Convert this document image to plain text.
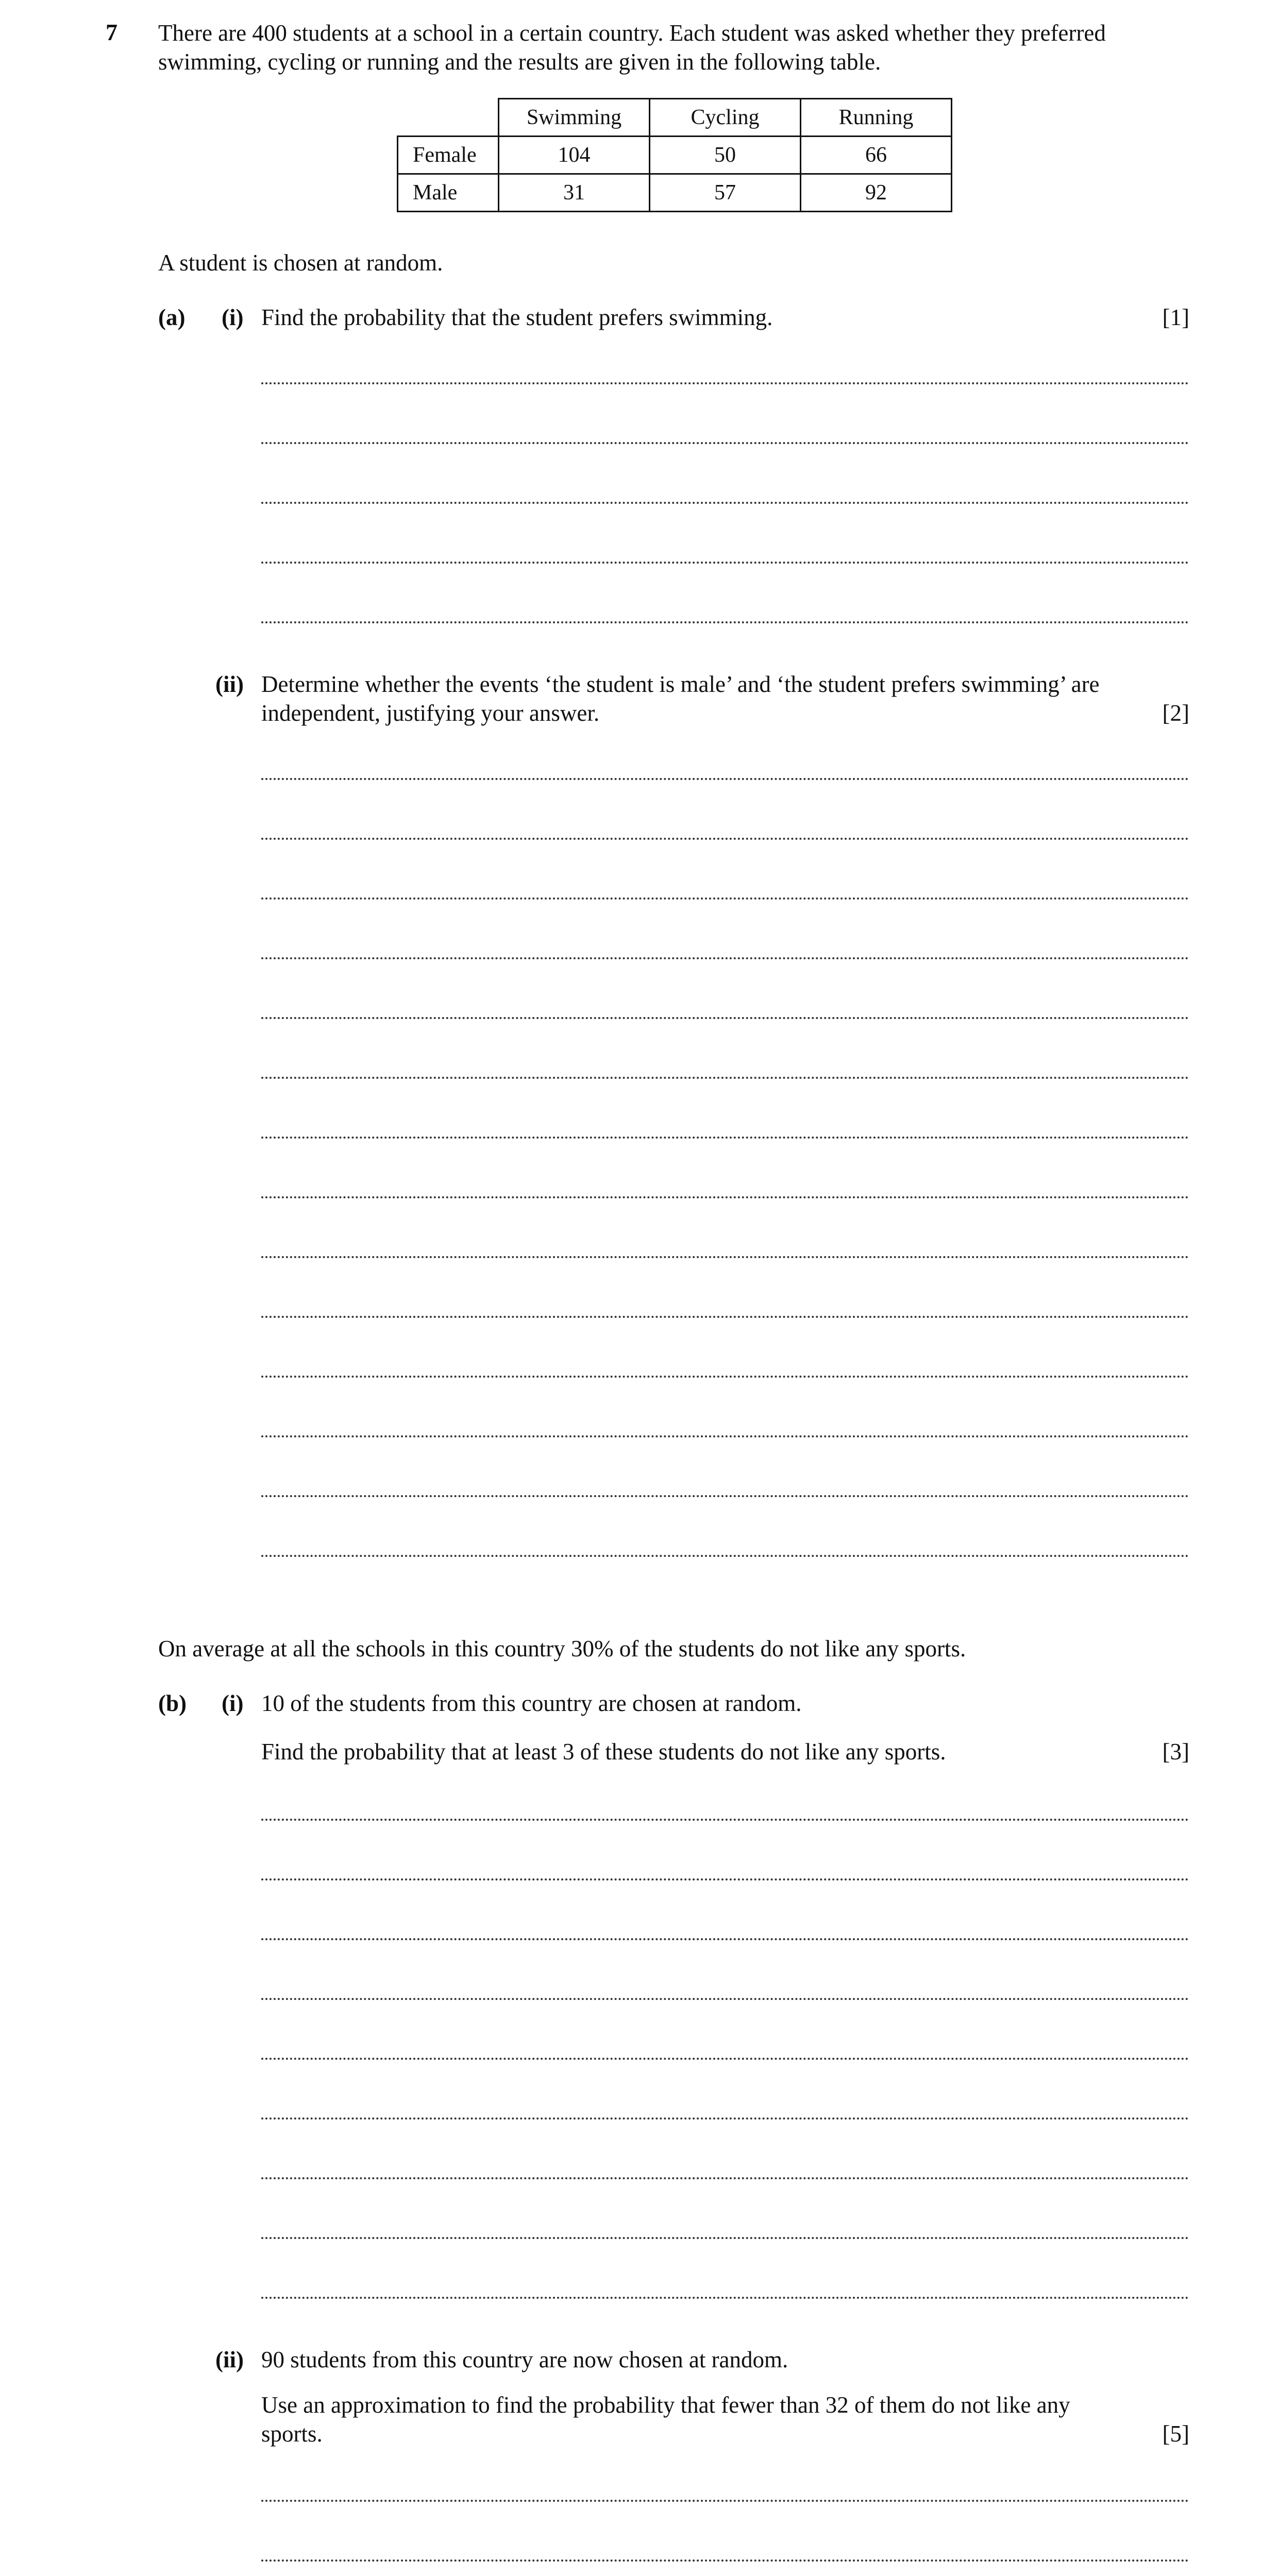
7 There are 400 students at a school in a certain country. Each student was asked whether they preferred swimming, cycling or running and the results are given in the following table.
	Swimming	Cycling	Running
Female	104	50	66
Male	31	57	92
A student is chosen at random.
(a) (i) Find the probability that the student prefers swimming.	[1]
(ii) Determine whether the events ‘the student is male’ and ‘the student prefers swimming’ are
independent, justifying your answer.	[2]
On average at all the schools in this country 30% of the students do not like any sports.
(b) (i) 10 of the students from this country are chosen at random.
Find the probability that at least 3 of these students do not like any sports.	[3]
(ii) 90 students from this country are now chosen at random.
Use an approximation to find the probability that fewer than 32 of them do not like any
sports.	[5]
